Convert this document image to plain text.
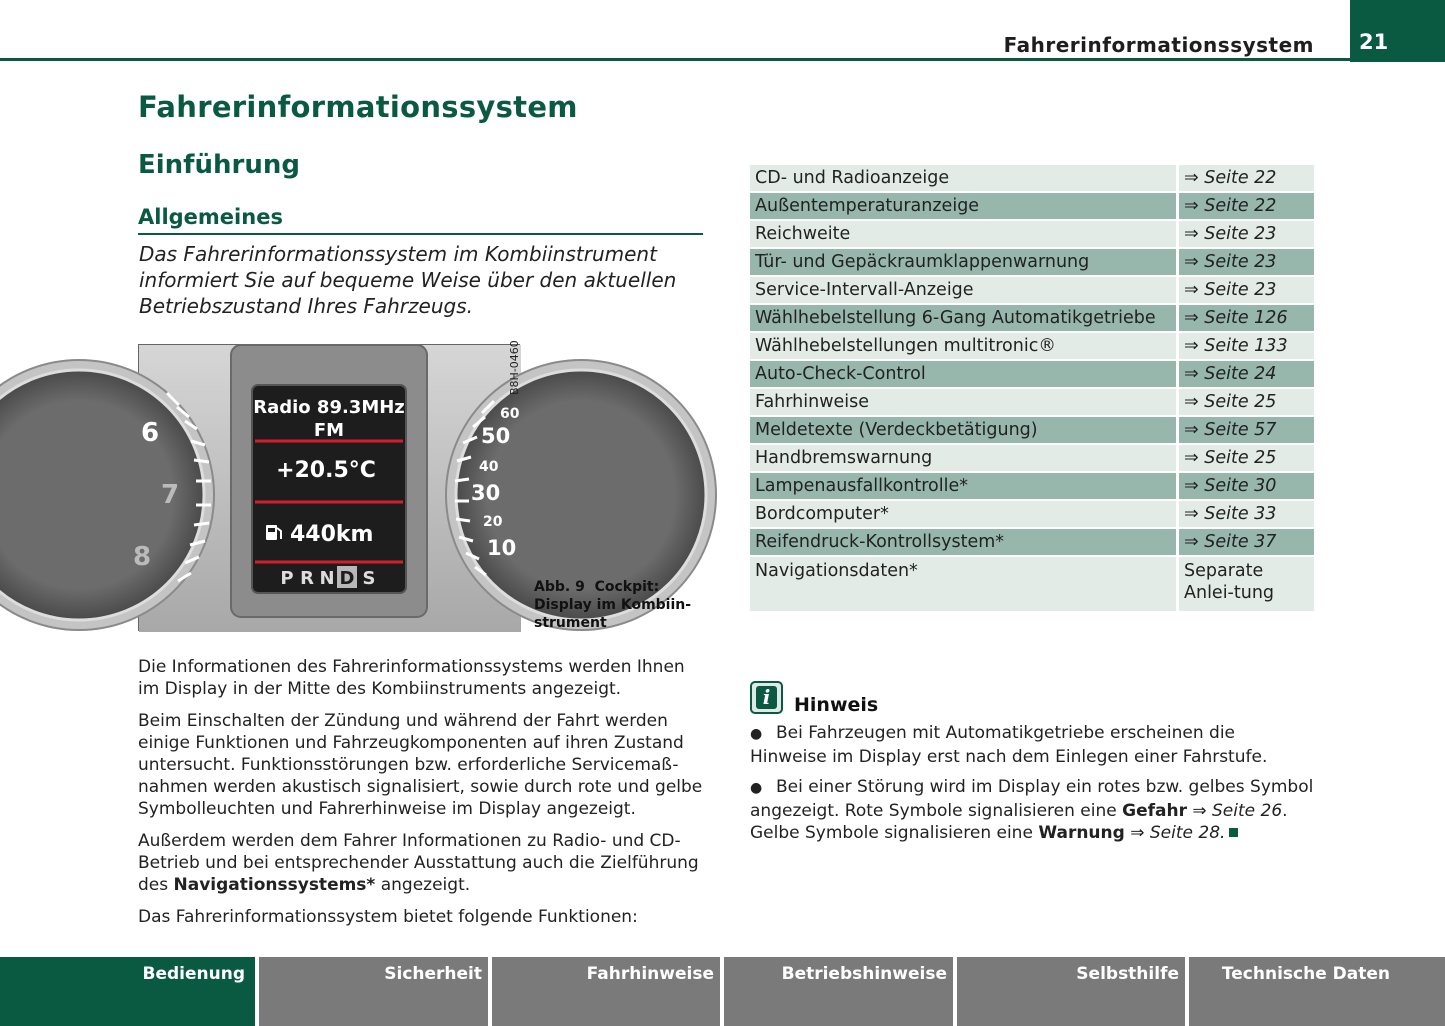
Fahrerinformationssystem 21
Fahrerinformationssystem
Einführung
Allgemeines

Das Fahrerinformationssystem im Kombiinstrument informiert Sie auf bequeme Weise über den aktuellen Betriebszustand Ihres Fahrzeugs.

6
7
8
60
50
40
30
20
10
B8H-0460
Radio 89.3MHz
FM
+20.5°C
440km
P R N D S	Abb. 9 Cockpit: Display im Kombiin-strument

Die Informationen des Fahrerinformationssystems werden Ihnen im Display in der Mitte des Kombiinstruments angezeigt.

Beim Einschalten der Zündung und während der Fahrt werden einige Funktionen und Fahrzeugkomponenten auf ihren Zustand untersucht. Funktionsstörungen bzw. erforderliche Servicemaß-nahmen werden akustisch signalisiert, sowie durch rote und gelbe Symbolleuchten und Fahrerhinweise im Display angezeigt.

Außerdem werden dem Fahrer Informationen zu Radio- und CD-Betrieb und bei entsprechender Ausstattung auch die Zielführung des Navigationssystems* angezeigt.

Das Fahrerinformationssystem bietet folgende Funktionen:

CD- und Radioanzeige	⇒ Seite 22
Außentemperaturanzeige	⇒ Seite 22
Reichweite	⇒ Seite 23
Tür- und Gepäckraumklappenwarnung	⇒ Seite 23
Service-Intervall-Anzeige	⇒ Seite 23
Wählhebelstellung 6-Gang Automatikgetriebe	⇒ Seite 126
Wählhebelstellungen multitronic®	⇒ Seite 133
Auto-Check-Control	⇒ Seite 24
Fahrhinweise	⇒ Seite 25
Meldetexte (Verdeckbetätigung)	⇒ Seite 57
Handbremswarnung	⇒ Seite 25
Lampenausfallkontrolle*	⇒ Seite 30
Bordcomputer*	⇒ Seite 33
Reifendruck-Kontrollsystem*	⇒ Seite 37
Navigationsdaten*	Separate Anlei-tung
i	Hinweis

● Bei Fahrzeugen mit Automatikgetriebe erscheinen die Hinweise im Display erst nach dem Einlegen einer Fahrstufe.

● Bei einer Störung wird im Display ein rotes bzw. gelbes Symbol angezeigt. Rote Symbole signalisieren eine Gefahr ⇒ Seite 26. Gelbe Symbole signalisieren eine Warnung ⇒ Seite 28.

Bedienung	Sicherheit	Fahrhinweise	Betriebshinweise	Selbsthilfe	Technische Daten
